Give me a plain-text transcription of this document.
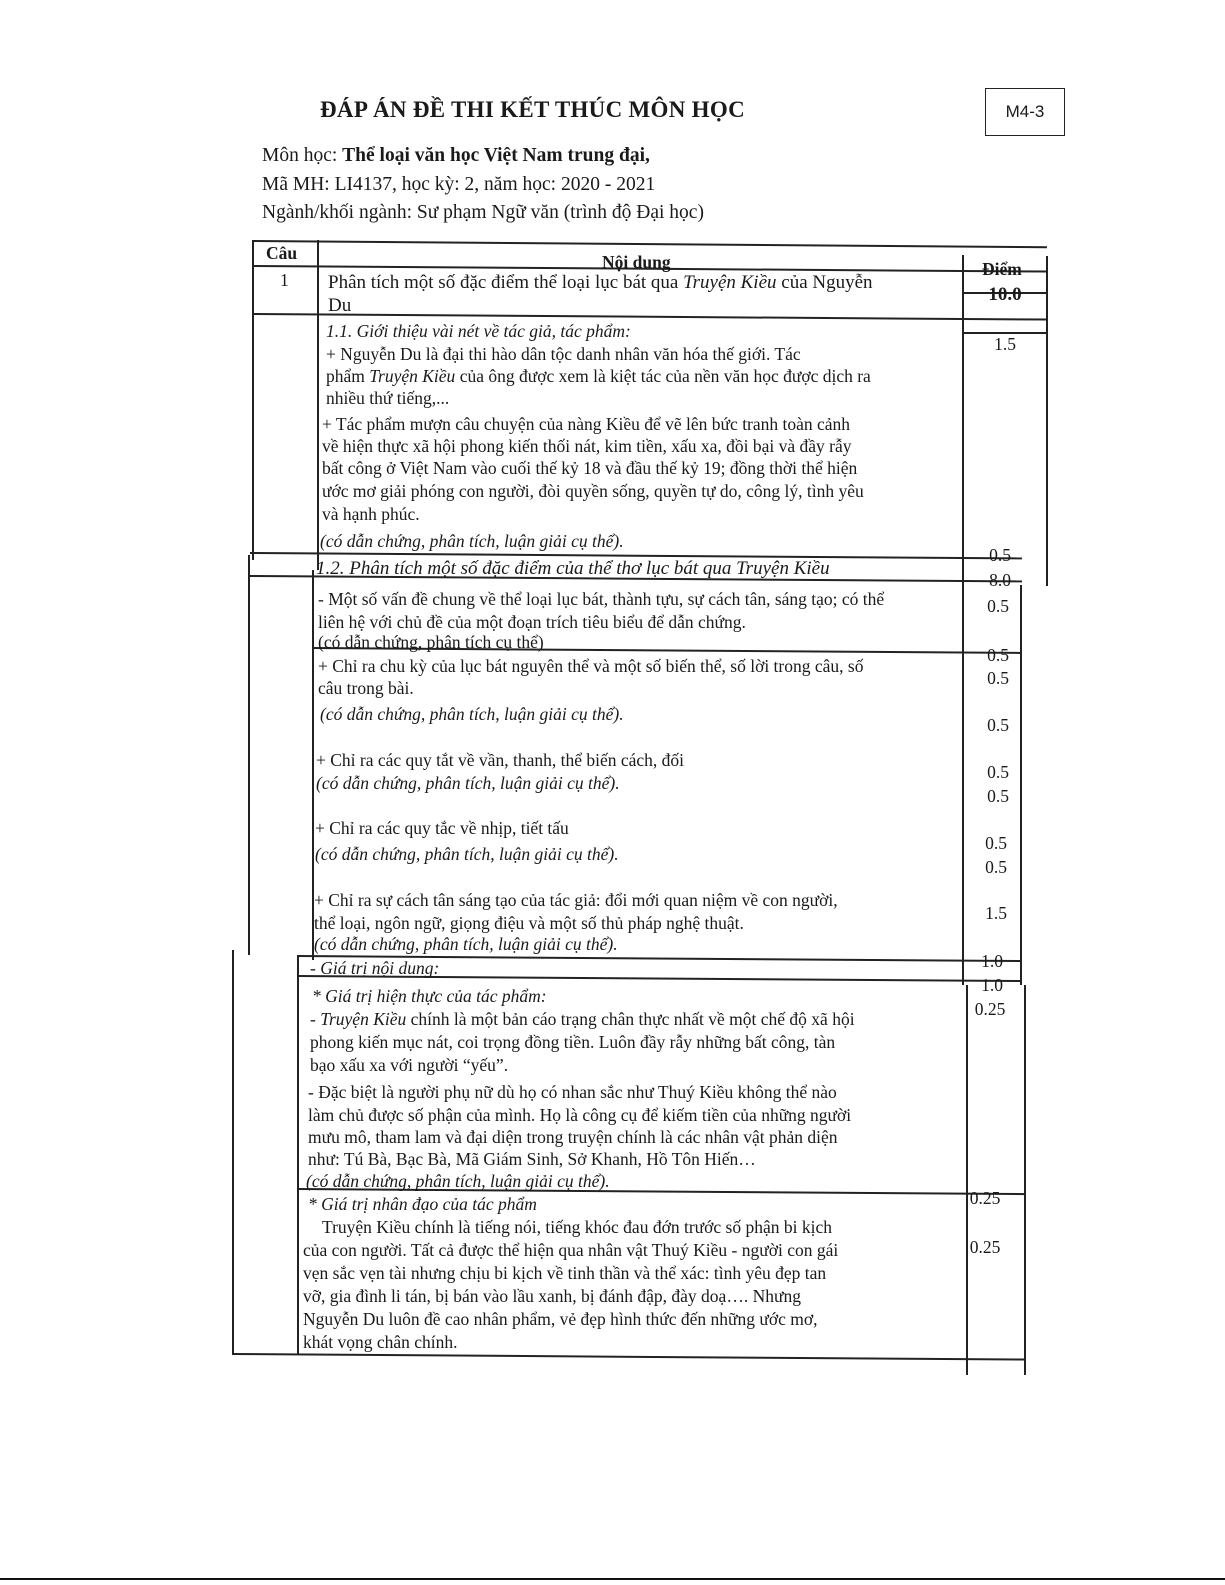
M4-3
ĐÁP ÁN ĐỀ THI KẾT THÚC MÔN HỌC
Môn học: Thể loại văn học Việt Nam trung đại,
Mã MH: LI4137, học kỳ: 2, năm học: 2020 - 2021
Ngành/khối ngành: Sư phạm Ngữ văn (trình độ Đại học)
Câu	Nội dung	Điểm
1 Phân tích một số đặc điểm thể loại lục bát qua Truyện Kiều của Nguyễn
Du
10.0
1.1. Giới thiệu vài nét về tác giả, tác phẩm:
+ Nguyễn Du là đại thi hào dân tộc danh nhân văn hóa thế giới. Tác
phẩm Truyện Kiều của ông được xem là kiệt tác của nền văn học được dịch ra
nhiều thứ tiếng,...
+ Tác phẩm mượn câu chuyện của nàng Kiều để vẽ lên bức tranh toàn cảnh
về hiện thực xã hội phong kiến thối nát, kim tiền, xấu xa, đồi bại và đầy rẫy
bất công ở Việt Nam vào cuối thế kỷ 18 và đầu thế kỷ 19; đồng thời thể hiện
ước mơ giải phóng con người, đòi quyền sống, quyền tự do, công lý, tình yêu
và hạnh phúc.
(có dẫn chứng, phân tích, luận giải cụ thể).
1.5
0.5
1.2. Phân tích một số đặc điểm của thể thơ lục bát qua Truyện Kiều
8.0
- Một số vấn đề chung về thể loại lục bát, thành tựu, sự cách tân, sáng tạo; có thể
liên hệ với chủ đề của một đoạn trích tiêu biểu để dẫn chứng.
(có dẫn chứng, phân tích cụ thể)
0.5
0.5
+ Chỉ ra chu kỳ của lục bát nguyên thể và một số biến thể, số lời trong câu, số
câu trong bài.
(có dẫn chứng, phân tích, luận giải cụ thể).
0.5
0.5
+ Chỉ ra các quy tắt về vần, thanh, thể biến cách, đối
(có dẫn chứng, phân tích, luận giải cụ thể).
0.5
0.5
+ Chỉ ra các quy tắc về nhịp, tiết tấu
(có dẫn chứng, phân tích, luận giải cụ thể).
0.5
0.5
+ Chỉ ra sự cách tân sáng tạo của tác giả: đổi mới quan niệm về con người,
thể loại, ngôn ngữ, giọng điệu và một số thủ pháp nghệ thuật.
(có dẫn chứng, phân tích, luận giải cụ thể).
1.5
1.0
- Giá trị nội dung:
1.0
* Giá trị hiện thực của tác phẩm:
0.25
- Truyện Kiều chính là một bản cáo trạng chân thực nhất về một chế độ xã hội
phong kiến mục nát, coi trọng đồng tiền. Luôn đầy rẫy những bất công, tàn
bạo xấu xa với người “yếu”.
- Đặc biệt là người phụ nữ dù họ có nhan sắc như Thuý Kiều không thể nào
làm chủ được số phận của mình. Họ là công cụ để kiếm tiền của những người
mưu mô, tham lam và đại diện trong truyện chính là các nhân vật phản diện
như: Tú Bà, Bạc Bà, Mã Giám Sinh, Sở Khanh, Hồ Tôn Hiến…
(có dẫn chứng, phân tích, luận giải cụ thể).
0.25
* Giá trị nhân đạo của tác phẩm
Truyện Kiều chính là tiếng nói, tiếng khóc đau đớn trước số phận bi kịch
của con người. Tất cả được thể hiện qua nhân vật Thuý Kiều - người con gái
vẹn sắc vẹn tài nhưng chịu bi kịch về tinh thần và thể xác: tình yêu đẹp tan
vỡ, gia đình li tán, bị bán vào lầu xanh, bị đánh đập, đày doạ…. Nhưng
Nguyễn Du luôn đề cao nhân phẩm, vẻ đẹp hình thức đến những ước mơ,
khát vọng chân chính.
0.25
